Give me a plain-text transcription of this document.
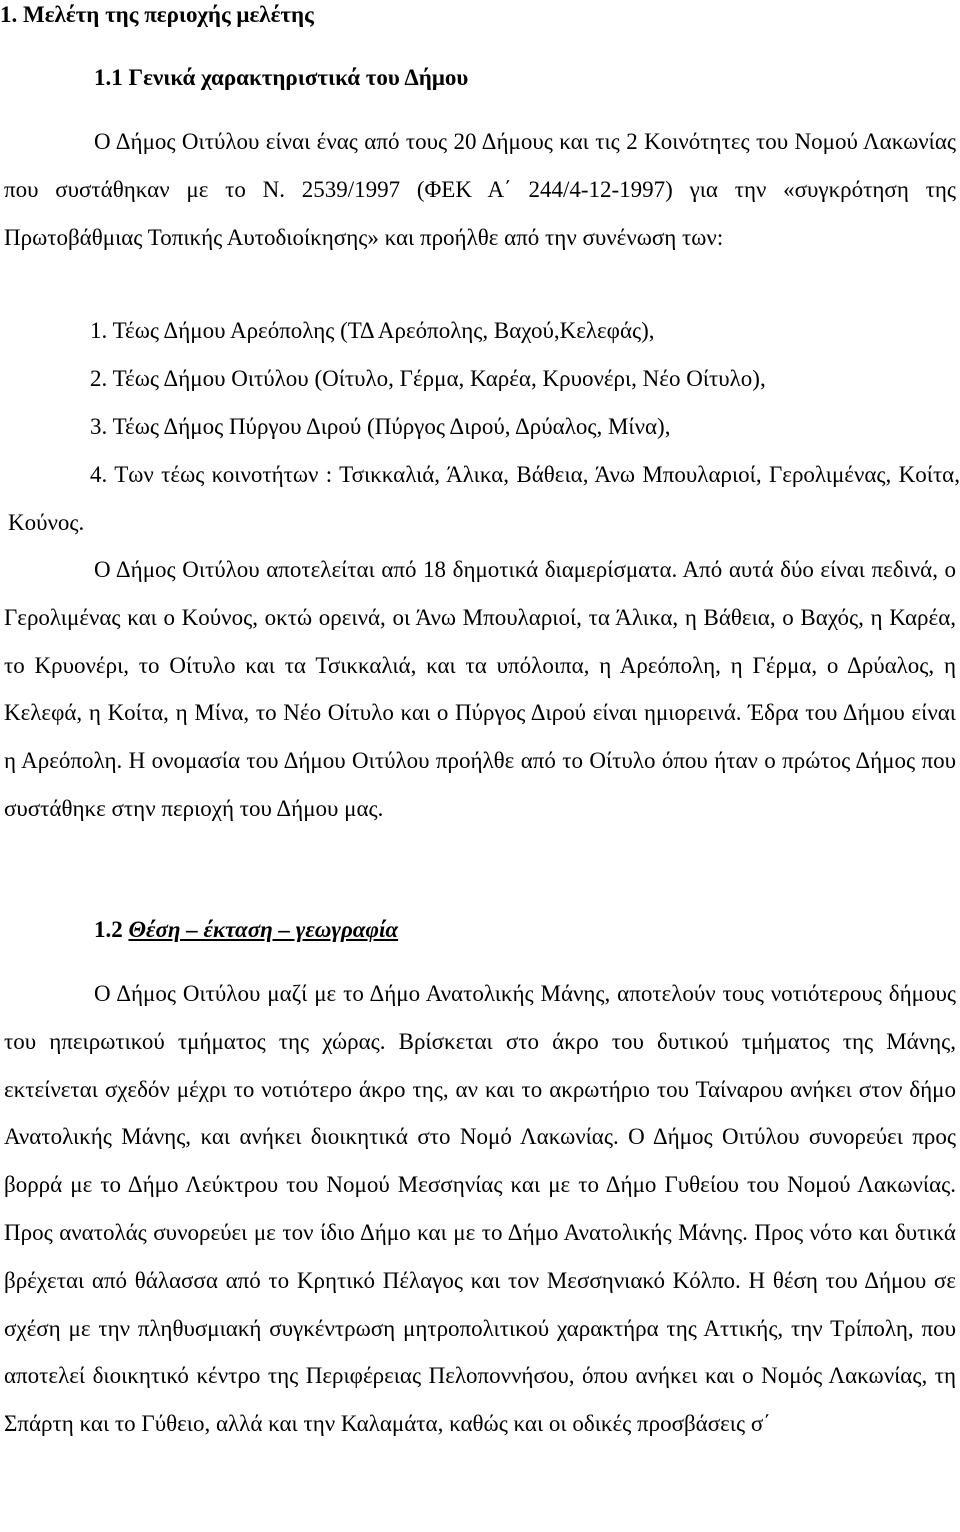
1. Μελέτη της περιοχής μελέτης
1.1 Γενικά χαρακτηριστικά του Δήμου

Ο Δήμος Οιτύλου είναι ένας από τους 20 Δήμους και τις 2 Κοινότητες του Νομού Λακωνίας που συστάθηκαν με το Ν. 2539/1997 (ΦΕΚ Α΄ 244/4-12-1997) για την «συγκρότηση της Πρωτοβάθμιας Τοπικής Αυτοδιοίκησης» και προήλθε από την συνένωση των:

1. Τέως Δήμου Αρεόπολης (ΤΔ Αρεόπολης, Βαχού,Κελεφάς),
2. Τέως Δήμου Οιτύλου (Οίτυλο, Γέρμα, Καρέα, Κρυονέρι, Νέο Οίτυλο),
3. Τέως Δήμος Πύργου Διρού (Πύργος Διρού, Δρύαλος, Μίνα),

4. Των τέως κοινοτήτων : Τσικκαλιά, Άλικα, Βάθεια, Άνω Μπουλαριοί, Γερολιμένας, Κοίτα, Κούνος.

Ο Δήμος Οιτύλου αποτελείται από 18 δημοτικά διαμερίσματα. Από αυτά δύο είναι πεδινά, ο Γερολιμένας και ο Κούνος, οκτώ ορεινά, οι Άνω Μπουλαριοί, τα Άλικα, η Βάθεια, ο Βαχός, η Καρέα, το Κρυονέρι, το Οίτυλο και τα Τσικκαλιά, και τα υπόλοιπα, η Αρεόπολη, η Γέρμα, ο Δρύαλος, η Κελεφά, η Κοίτα, η Μίνα, το Νέο Οίτυλο και ο Πύργος Διρού είναι ημιορεινά. Έδρα του Δήμου είναι η Αρεόπολη. Η ονομασία του Δήμου Οιτύλου προήλθε από το Οίτυλο όπου ήταν ο πρώτος Δήμος που συστάθηκε στην περιοχή του Δήμου μας.

1.2 Θέση – έκταση – γεωγραφία

Ο Δήμος Οιτύλου μαζί με το Δήμο Ανατολικής Μάνης, αποτελούν τους νοτιότερους δήμους του ηπειρωτικού τμήματος της χώρας. Βρίσκεται στο άκρο του δυτικού τμήματος της Μάνης, εκτείνεται σχεδόν μέχρι το νοτιότερο άκρο της, αν και το ακρωτήριο του Ταίναρου ανήκει στον δήμο Ανατολικής Μάνης, και ανήκει διοικητικά στο Νομό Λακωνίας. Ο Δήμος Οιτύλου συνορεύει προς βορρά με το Δήμο Λεύκτρου του Νομού Μεσσηνίας και με το Δήμο Γυθείου του Νομού Λακωνίας. Προς ανατολάς συνορεύει με τον ίδιο Δήμο και με το Δήμο Ανατολικής Μάνης. Προς νότο και δυτικά βρέχεται από θάλασσα από το Κρητικό Πέλαγος και τον Μεσσηνιακό Κόλπο. Η θέση του Δήμου σε σχέση με την πληθυσμιακή συγκέντρωση μητροπολιτικού χαρακτήρα της Αττικής, την Τρίπολη, που αποτελεί διοικητικό κέντρο της Περιφέρειας Πελοποννήσου, όπου ανήκει και ο Νομός Λακωνίας, τη Σπάρτη και το Γύθειο, αλλά και την Καλαμάτα, καθώς και οι οδικές προσβάσεις σ΄
